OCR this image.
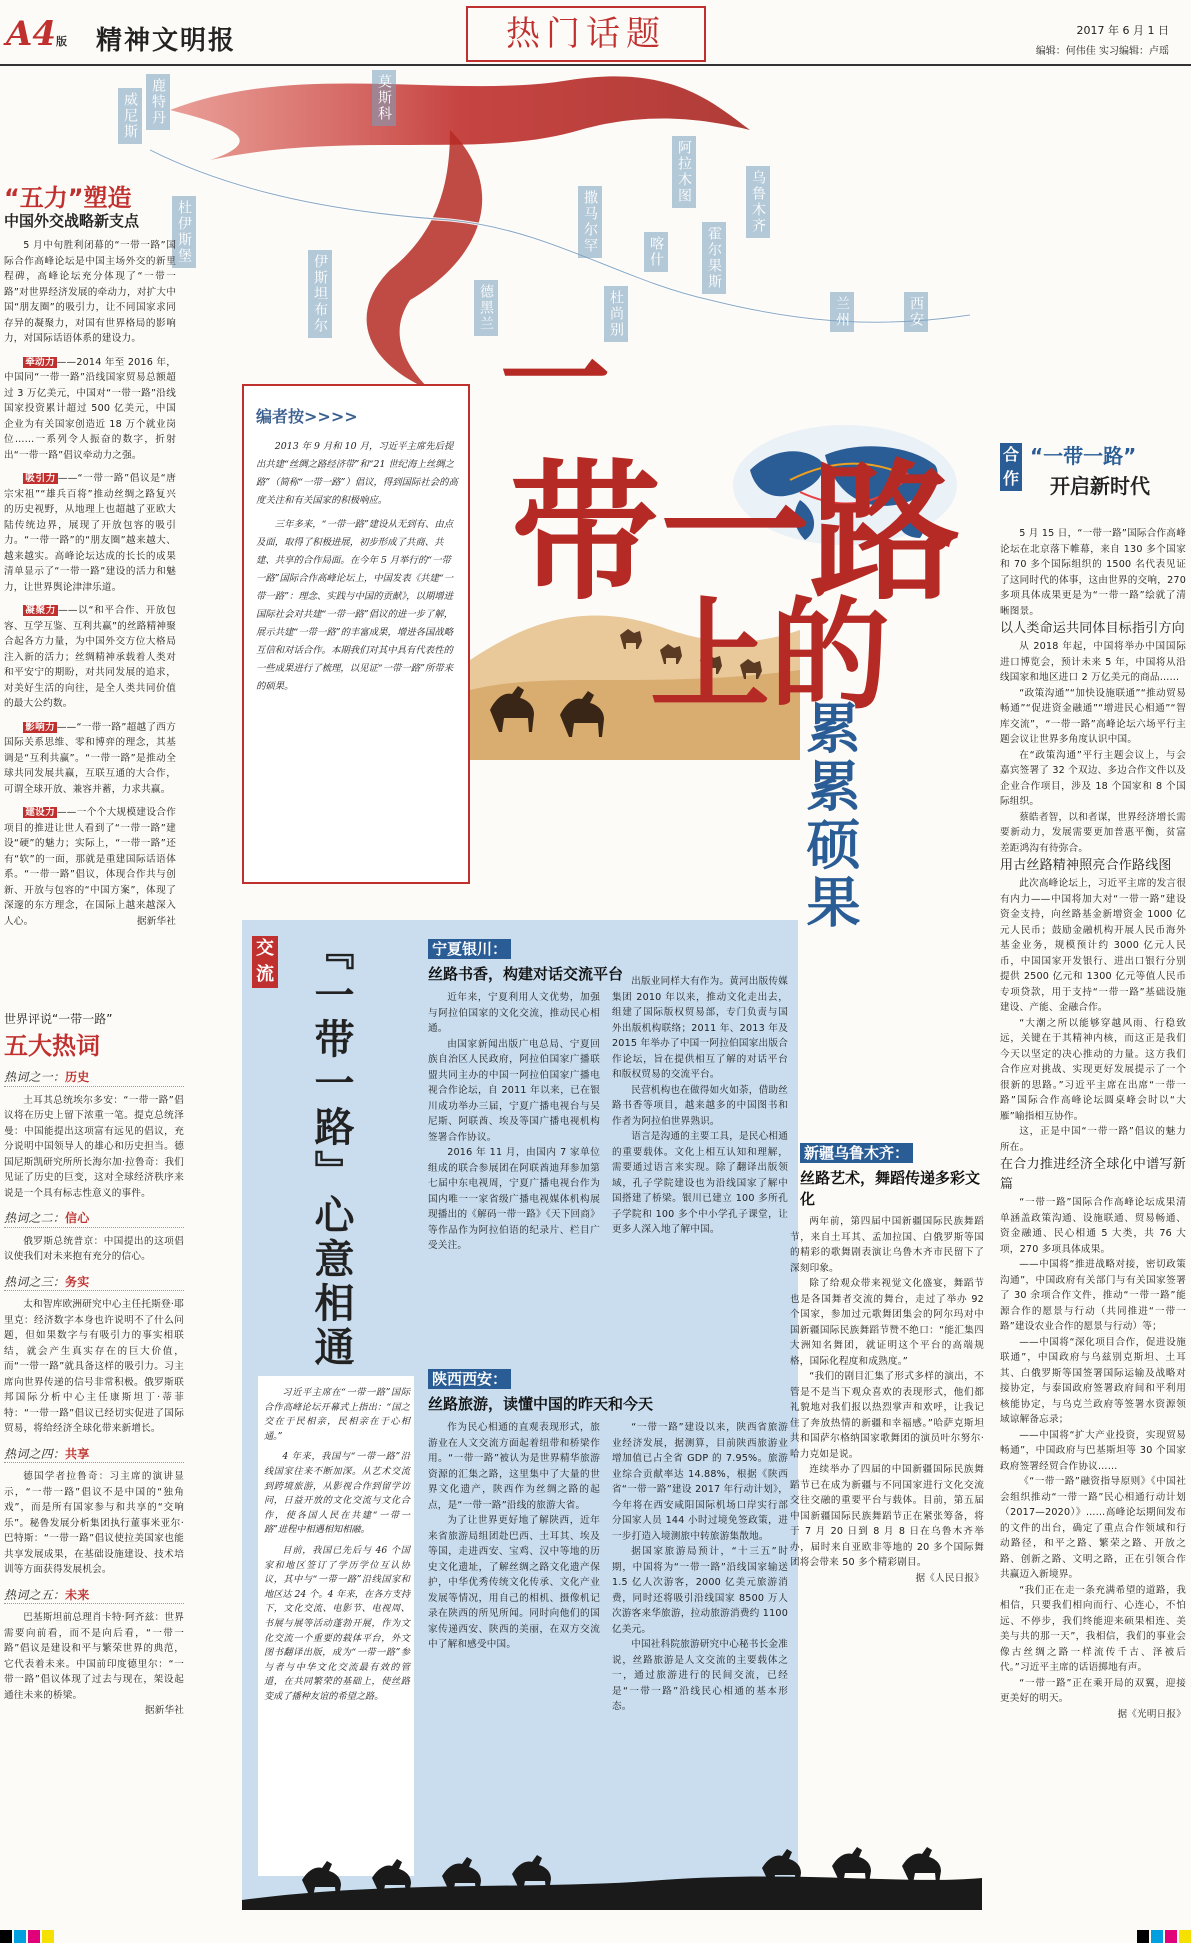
A4版 精神文明报	热门话题	2017 年 6 月 1 日
编辑：何伟佳 实习编辑：卢瑶
威尼斯 鹿特丹
杜伊斯堡
莫斯科
伊斯坦布尔	德黑兰
撒马尔罕
阿拉木图
喀什	霍尔果斯
乌鲁木齐
杜尚别	兰州	西安
“五力”塑造
中国外交战略新支点

5 月中旬胜利闭幕的“一带一路”国际合作高峰论坛是中国主场外交的新里程碑，高峰论坛充分体现了“一带一路”对世界经济发展的牵动力，对扩大中国“朋友圈”的吸引力，让不同国家求同存异的凝聚力，对国有世界格局的影响力，对国际话语体系的建设力。

牵动力 ——2014 年至 2016 年，中国同“一带一路”沿线国家贸易总额超过 3 万亿美元，中国对“一带一路”沿线国家投资累计超过 500 亿美元，中国企业为有关国家创造近 18 万个就业岗位……一系列令人振奋的数字，折射出“一带一路”倡议牵动力之强。

吸引力 ——“一带一路”倡议是“唐宗宋祖”“雄兵百将”推动丝绸之路复兴的历史视野，从地理上也超越了亚欧大陆传统边界，展现了开放包容的吸引力。“一带一路”的“朋友圈”越来越大、越来越实。高峰论坛达成的长长的成果清单显示了“一带一路”建设的活力和魅力，让世界舆论津津乐道。

凝聚力 ——以“和平合作、开放包容、互学互鉴、互利共赢”的丝路精神聚合起各方力量，为中国外交方位大格局注入新的活力；丝绸精神承载着人类对和平安宁的期盼，对共同发展的追求，对美好生活的向往，是全人类共同价值的最大公约数。

影响力 ——“一带一路”超越了西方国际关系思维、零和博弈的理念，其基调是“互利共赢”。“一带一路”是推动全球共同发展共赢，互联互通的大合作，可谓全球开放、兼容并蓄，力求共赢。

建设力 ——一个个大规模建设合作项目的推进让世人看到了“一带一路”建设“硬”的魅力；实际上，“一带一路”还有“软”的一面，那就是重建国际话语体系。“一带一路”倡议，体现合作共与创新、开放与包容的“中国方案”，体现了深邃的东方理念，在国际上越来越深入人心。	据新华社

世界评说“一带一路”
五大热词
热词之一：历史

土耳其总统埃尔多安：“一带一路”倡议将在历史上留下浓重一笔。提克总统泽曼：中国能提出这项富有远见的倡议，充分说明中国领导人的雄心和历史担当。德国尼斯凯研究所所长海尔加·拉鲁奇：我们见证了历史的巨变，这对全球经济秩序来说是一个具有标志性意义的事件。

热词之二：信心

俄罗斯总统普京：中国提出的这项倡议使我们对未来抱有充分的信心。

热词之三：务实

太和智库欧洲研究中心主任托斯登·耶里克：经济数字本身也许说明不了什么问题，但如果数字与有吸引力的事实相联结，就会产生真实存在的巨大价值，而“一带一路”就具备这样的吸引力。习主席向世界传递的信号非常积极。俄罗斯联邦国际分析中心主任康斯坦丁·蒂菲特：“一带一路”倡议已经切实促进了国际贸易，将给经济全球化带来新增长。

热词之四：共享

德国学者拉鲁奇：习主席的演讲显示，“一带一路”倡议不是中国的“独角戏”，而是所有国家参与和共享的“交响乐”。秘鲁发展分析集团执行董事米亚尔·巴特斯：“一带一路”倡议使拉美国家也能共享发展成果，在基础设施建设、技术培训等方面获得发展机会。

热词之五：未来

巴基斯坦前总理肖卡特·阿齐兹：世界需要向前看，而不是向后看，“一带一路”倡议是建设和平与繁荣世界的典范，它代表着未来。中国前印度德里尔：“一带一路”倡议体现了过去与现在，架设起通往未来的桥梁。

据新华社
编者按>>>>

2013 年 9 月和 10 月，习近平主席先后提出共建“丝绸之路经济带”和“21 世纪海上丝绸之路”（简称“一带一路”）倡议，得到国际社会的高度关注和有关国家的积极响应。

三年多来，“一带一路”建设从无到有、由点及面，取得了积极进展，初步形成了共商、共建、共享的合作局面。在今年 5 月举行的“一带一路”国际合作高峰论坛上，中国发表《共建“一带一路”：理念、实践与中国的贡献》，以期增进国际社会对共建“一带一路”倡议的进一步了解，展示共建“一带一路”的丰富成果，增进各国战略互信和对话合作。本期我们对其中具有代表性的一些成果进行了梳理，以见证“一带一路”所带来的硕果。

一
带一路
上的
累累硕果
合作
“一带一路”
开启新时代

5 月 15 日，“一带一路”国际合作高峰论坛在北京落下帷幕，来自 130 多个国家和 70 多个国际组织的 1500 名代表见证了这同时代的体事，这由世界的交响，270 多项具体成果更是为“一带一路”绘就了清晰图景。

以人类命运共同体目标指引方向

从 2018 年起，中国将举办中国国际进口博览会，预计未来 5 年，中国将从沿线国家和地区进口 2 万亿美元的商品……

“政策沟通”“加快设施联通”“推动贸易畅通”“促进资金融通”“增进民心相通”“智库交流”，“一带一路”高峰论坛六场平行主题会议让世界多角度认识中国。

在“政策沟通”平行主题会议上，与会嘉宾签署了 32 个双边、多边合作文件以及企业合作项目，涉及 18 个国家和 8 个国际组织。

蔡皓者智，以和者谋，世界经济增长需要新动力，发展需要更加普惠平衡，贫富差距鸿沟有待弥合。

用古丝路精神照亮合作路线图

此次高峰论坛上，习近平主席的发言很有内力——中国将加大对“一带一路”建设资金支持，向丝路基金新增资金 1000 亿元人民币；鼓励金融机构开展人民币海外基金业务，规模预计约 3000 亿元人民币，中国国家开发银行、进出口银行分别提供 2500 亿元和 1300 亿元等值人民币专项贷款，用于支持“一带一路”基础设施建设、产能、金融合作。

“大潮之所以能够穿越风雨、行稳致远，关键在于其精神内核，而这正是我们今天以坚定的决心推动的力量。这方我们合作应对挑战、实现更好发展提示了一个很新的思路。”习近平主席在出席“一带一路”国际合作高峰论坛圆桌峰会时以“大雁”喻指相互协作。

这，正是中国“一带一路”倡议的魅力所在。

在合力推进经济全球化中谱写新篇

“一带一路”国际合作高峰论坛成果清单涵盖政策沟通、设施联通、贸易畅通、资金融通、民心相通 5 大类，共 76 大项，270 多项具体成果。

——中国将“推进战略对接，密切政策沟通”，中国政府有关部门与有关国家签署了 30 余项合作文件，推动“一带一路”能源合作的愿景与行动（共同推进“一带一路”建设农业合作的愿景与行动）等；

——中国将“深化项目合作，促进设施联通”，中国政府与乌兹别克斯坦、土耳其、白俄罗斯等国签署国际运输及战略对接协定，与泰国政府签署政府间和平利用核能协定，与乌克兰政府等签署水资源领域谅解备忘录；

——中国将“扩大产业投资，实现贸易畅通”，中国政府与巴基斯坦等 30 个国家政府签署经贸合作协议……

《“一带一路”融资指导原则》《中国社会组织推动“一带一路”民心相通行动计划（2017—2020）》……高峰论坛期间发布的文件的出台，确定了重点合作领域和行动路径，和平之路、繁荣之路、开放之路、创新之路、文明之路，正在引领合作共赢迈入新境界。

“我们正在走一条充满希望的道路，我相信，只要我们相向而行、心连心，不怕远、不停步，我们终能迎来硕果相连、美美与共的那一天”，我相信，我们的事业会像古丝绸之路一样流传千古、泽被后代。”习近平主席的话语掷地有声。

“一带一路”正在乘开局的双翼，迎接更美好的明天。

据《光明日报》
交流 『一带一路』心意相通

习近平主席在“一带一路”国际合作高峰论坛开幕式上指出：“国之交在于民相亲，民相亲在于心相通。”

4 年来，我国与“一带一路”沿线国家往来不断加深。从艺术交流到跨境旅游，从影视合作到留学访问，日益开放的文化交流与文化合作，使各国人民在共建“一带一路”进程中相遇相知相融。

目前，我国已先后与 46 个国家和地区签订了学历学位互认协议，其中与“一带一路”沿线国家和地区达 24 个。4 年来，在各方支持下，文化交流、电影节、电视周、书展与展等活动蓬勃开展，作为文化交流一个重要的载体平台，外文图书翻译出版，成为“一带一路”参与者与中华文化交流最有效的管道，在共同繁荣的基础上，使丝路变成了播种友谊的希望之路。

宁夏银川：
丝路书香，构建对话交流平台

近年来，宁夏利用人文优势，加强与阿拉伯国家的文化交流，推动民心相通。

由国家新闻出版广电总局、宁夏回族自治区人民政府，阿拉伯国家广播联盟共同主办的中国一阿拉伯国家广播电视合作论坛，自 2011 年以来，已在银川成功举办三届，宁夏广播电视台与吴尼斯、阿联酋、埃及等国广播电视机构签署合作协议。

2016 年 11 月，由国内 7 家单位组成的联合参展团在阿联酋迪拜参加第七届中东电视周，宁夏广播电视台作为国内唯一一家省级广播电视媒体机构展现播出的《解码一带一路》《天下回商》等作品作为阿拉伯语的纪录片、栏目广受关注。

出版业同样大有作为。黄河出版传媒集团 2010 年以来，推动文化走出去，组建了国际版权贸易部，专门负责与国外出版机构联络；2011 年、2013 年及 2015 年举办了中国一阿拉伯国家出版合作论坛，旨在提供相互了解的对话平台和版权贸易的交流平台。

民营机构也在做得如火如荼，借助丝路书香等项目，越来越多的中国图书和作者为阿拉伯世界熟识。

语言是沟通的主要工具，是民心相通的重要载体。文化上相互认知和理解，需要通过语言来实现。除了翻译出版领域，孔子学院建设也为沿线国家了解中国搭建了桥梁。银川已建立 100 多所孔子学院和 100 多个中小学孔子课堂，让更多人深入地了解中国。

陕西西安：
丝路旅游，读懂中国的昨天和今天

作为民心相通的直观表现形式，旅游业在人文交流方面起着纽带和桥梁作用。“一带一路”被认为是世界精华旅游资源的汇集之路，这里集中了大量的世界文化遗产，陕西作为丝绸之路的起点，是“一带一路”沿线的旅游大省。

为了让世界更好地了解陕西，近年来省旅游局组团赴巴西、土耳其、埃及等国，走进西安、宝鸡、汉中等地的历史文化遗址，了解丝绸之路文化遗产保护，中华优秀传统文化传承、文化产业发展等情况，用自己的相机、摄像机记录在陕西的所见所闻。同时向他们的国家传递西安、陕西的美丽，在双方交流中了解和感受中国。

“一带一路”建设以来，陕西省旅游业经济发展，据测算，目前陕西旅游业增加值已占全省 GDP 的 7.95%。旅游业综合贡献率达 14.88%，根据《陕西省“一带一路”建设 2017 年行动计划》，今年将在西安咸阳国际机场口岸实行部分国家人员 144 小时过境免签政策，进一步打造入境测旅中转旅游集散地。

据国家旅游局预计，“十三五”时期，中国将为“一带一路”沿线国家输送 1.5 亿人次游客，2000 亿美元旅游消费，同时还将吸引沿线国家 8500 万人次游客来华旅游，拉动旅游消费约 1100 亿美元。

中国社科院旅游研究中心秘书长金准说，丝路旅游是人文交流的主要载体之一，通过旅游进行的民间交流，已经是“一带一路”沿线民心相通的基本形态。

新疆乌鲁木齐：
丝路艺术，舞蹈传递多彩文化

两年前，第四届中国新疆国际民族舞蹈节，来自土耳其、孟加拉国、白俄罗斯等国的精彩的歌舞剧表演让乌鲁木齐市民留下了深刻印象。

除了给观众带来视觉文化盛宴，舞蹈节也是各国舞者交流的舞台，走过了举办 92 个国家，参加过元歌舞团集会的阿尔玛对中国新疆国际民族舞蹈节赞不绝口：“能汇集四大洲知名舞团，就证明这个平台的高端规格，国际化程度和成熟度。”

“我们的剧目汇集了形式多样的演出，不管是不是当下观众喜欢的表现形式，他们都礼貌地对我们报以热烈掌声和欢呼，让我记住了奔放热情的新疆和幸福感。”哈萨克斯坦共和国萨尔格纳国家歌舞团的演员叶尔努尔·哈力克如是说。

连续举办了四届的中国新疆国际民族舞蹈节已在成为新疆与不同国家进行文化交流交往交融的重要平台与载体。目前，第五届中国新疆国际民族舞蹈节正在紧张筹备，将于 7 月 20 日到 8 月 8 日在乌鲁木齐举办，届时来自亚欧非等地的 20 多个国际舞团将会带来 50 多个精彩剧目。

据《人民日报》
